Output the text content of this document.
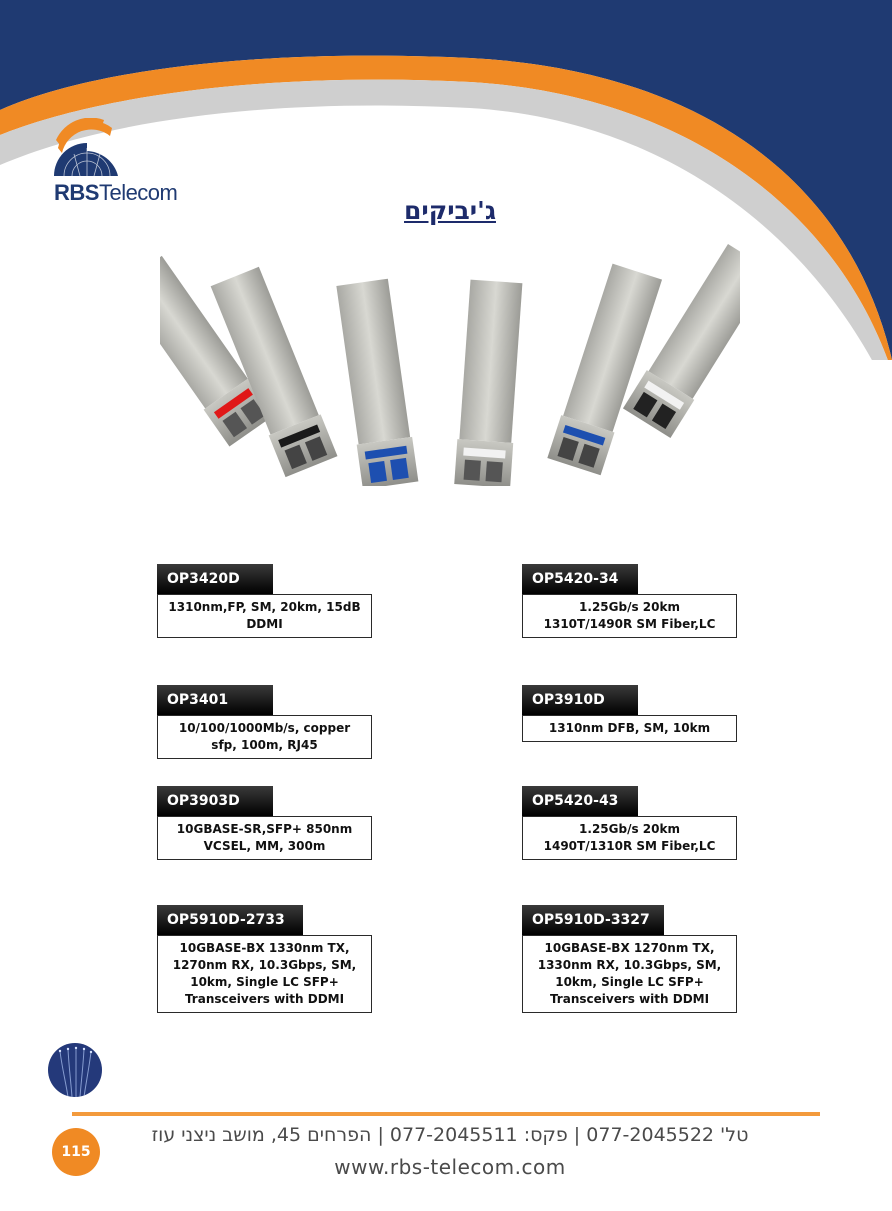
RBSTelecom
ג'יביקים
OP3420D
1310nm,FP, SM, 20km, 15dB
DDMI
OP5420-34
1.25Gb/s 20km
1310T/1490R SM Fiber,LC
OP3401
10/100/1000Mb/s, copper
sfp, 100m, RJ45
OP3910D
1310nm DFB, SM, 10km
OP3903D
10GBASE-SR,SFP+ 850nm
VCSEL, MM, 300m
OP5420-43
1.25Gb/s 20km
1490T/1310R SM Fiber,LC
OP5910D-2733
10GBASE-BX 1330nm TX,
1270nm RX, 10.3Gbps, SM,
10km, Single LC SFP+
Transceivers with DDMI
OP5910D-3327
10GBASE-BX 1270nm TX,
1330nm RX, 10.3Gbps, SM,
10km, Single LC SFP+
Transceivers with DDMI
115
טל' 077-2045522 | פקס: 077-2045511 | הפרחים 45, מושב ניצני עוז
www.rbs-telecom.com
